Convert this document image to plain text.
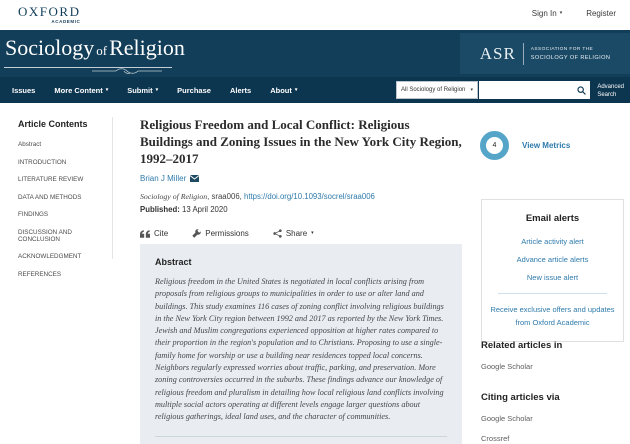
OXFORD
ACADEMIC
Sign In ▾	Register
Sociology ofReligion	ASR	ASSOCIATION FOR THE
SOCIOLOGY OF RELIGION
Issues	More Content ▾	Submit ▾	Purchase	Alerts	About ▾	All Sociology of Religion ▾	Advanced
Search
Article Contents
Abstract
INTRODUCTION
LITERATURE REVIEW
DATA AND METHODS
FINDINGS
DISCUSSION AND CONCLUSION
ACKNOWLEDGMENT
REFERENCES
Religious Freedom and Local Conflict: Religious Buildings and Zoning Issues in the New York City Region, 1992–2017
Brian J Miller
Sociology of Religion, sraa006, https://doi.org/10.1093/socrel/sraa006
Published: 13 April 2020
Cite	Permissions	Share ▾
Abstract
Religious freedom in the United States is negotiated in local conflicts arising from proposals from religious groups to municipalities in order to use or alter land and buildings. This study examines 116 cases of zoning conflict involving religious buildings in the New York City region between 1992 and 2017 as reported by the New York Times. Jewish and Muslim congregations experienced opposition at higher rates compared to their proportion in the region's population and to Christians. Proposing to use a single-family home for worship or use a building near residences topped local concerns. Neighbors regularly expressed worries about traffic, parking, and preservation. More zoning controversies occurred in the suburbs. These findings advance our knowledge of religious freedom and pluralism in detailing how local religious land conflicts involving multiple social actors operating at different levels engage larger questions about religious gatherings, ideal land uses, and the character of communities.
4	View Metrics
Email alerts
Article activity alert
Advance article alerts
New issue alert
Receive exclusive offers and updates from Oxford Academic
Related articles in
Google Scholar
Citing articles via
Google Scholar
Crossref
